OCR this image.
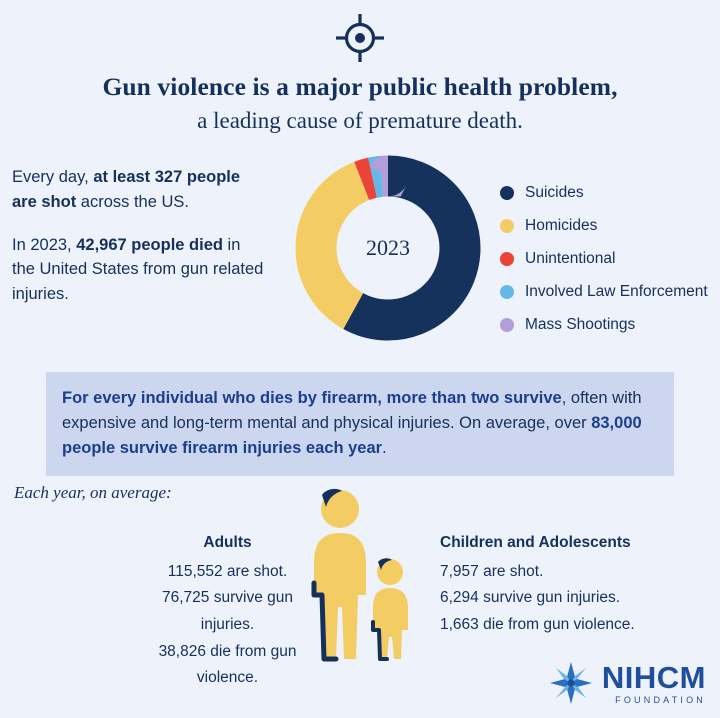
Gun violence is a major public health problem,
a leading cause of premature death.

Every day, at least 327 people are shot across the US.

In 2023, 42,967 people died in the United States from gun related injuries.

2023
Suicides
Homicides
Unintentional
Involved Law Enforcement
Mass Shootings
For every individual who dies by firearm, more than two survive, often with expensive and long-term mental and physical injuries. On average, over 83,000 people survive firearm injuries each year.
Each year, on average:
Adults
115,552 are shot.
76,725 survive gun injuries.
38,826 die from gun violence.
Children and Adolescents
7,957 are shot.
6,294 survive gun injuries.
1,663 die from gun violence.
NIHCM
FOUNDATION
